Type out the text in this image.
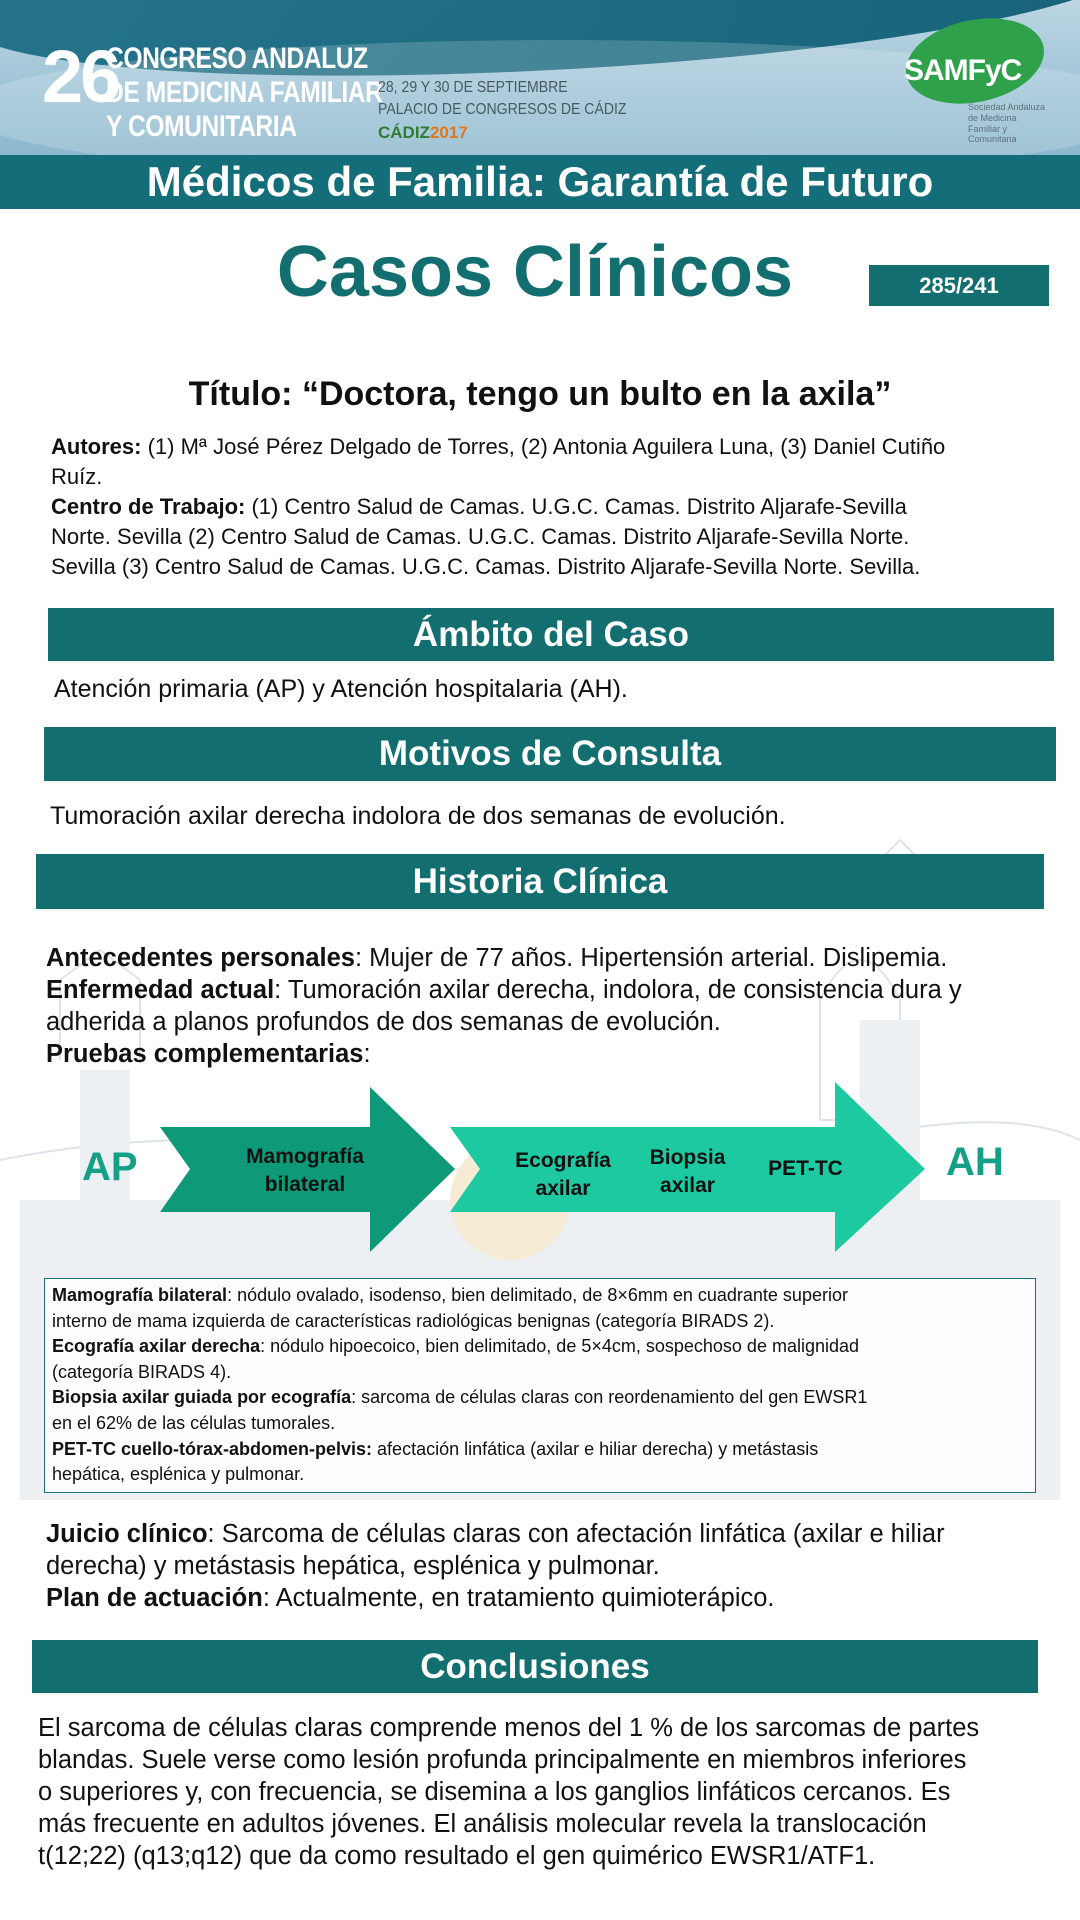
26
CONGRESO ANDALUZ
DE MEDICINA FAMILIAR
Y COMUNITARIA
28, 29 Y 30 DE SEPTIEMBRE
PALACIO DE CONGRESOS DE CÁDIZ
CÁDIZ2017
SAMFyC
Sociedad Andaluza de Medicina Familiar y Comunitaria
Médicos de Familia: Garantía de Futuro
Casos Clínicos	285/241
Título: “Doctora, tengo un bulto en la axila”
Autores: (1) Mª José Pérez Delgado de Torres, (2) Antonia Aguilera Luna, (3) Daniel Cutiño
Ruíz.
Centro de Trabajo: (1) Centro Salud de Camas. U.G.C. Camas. Distrito Aljarafe-Sevilla
Norte. Sevilla (2) Centro Salud de Camas. U.G.C. Camas. Distrito Aljarafe-Sevilla Norte.
Sevilla (3) Centro Salud de Camas. U.G.C. Camas. Distrito Aljarafe-Sevilla Norte. Sevilla.
Ámbito del Caso
Atención primaria (AP) y Atención hospitalaria (AH).
Motivos de Consulta
Tumoración axilar derecha indolora de dos semanas de evolución.
Historia Clínica
Antecedentes personales: Mujer de 77 años. Hipertensión arterial. Dislipemia.
Enfermedad actual: Tumoración axilar derecha, indolora, de consistencia dura y
adherida a planos profundos de dos semanas de evolución.
Pruebas complementarias:
AP	AH
Mamografía
bilateral
Ecografía
axilar
Biopsia
axilar
PET-TC
Mamografía bilateral: nódulo ovalado, isodenso, bien delimitado, de 8×6mm en cuadrante superior
interno de mama izquierda de características radiológicas benignas (categoría BIRADS 2).
Ecografía axilar derecha: nódulo hipoecoico, bien delimitado, de 5×4cm, sospechoso de malignidad
(categoría BIRADS 4).
Biopsia axilar guiada por ecografía: sarcoma de células claras con reordenamiento del gen EWSR1
en el 62% de las células tumorales.
PET-TC cuello-tórax-abdomen-pelvis: afectación linfática (axilar e hiliar derecha) y metástasis
hepática, esplénica y pulmonar.
Juicio clínico: Sarcoma de células claras con afectación linfática (axilar e hiliar
derecha) y metástasis hepática, esplénica y pulmonar.
Plan de actuación: Actualmente, en tratamiento quimioterápico.
Conclusiones
El sarcoma de células claras comprende menos del 1 % de los sarcomas de partes
blandas. Suele verse como lesión profunda principalmente en miembros inferiores
o superiores y, con frecuencia, se disemina a los ganglios linfáticos cercanos. Es
más frecuente en adultos jóvenes. El análisis molecular revela la translocación
t(12;22) (q13;q12) que da como resultado el gen quimérico EWSR1/ATF1.
